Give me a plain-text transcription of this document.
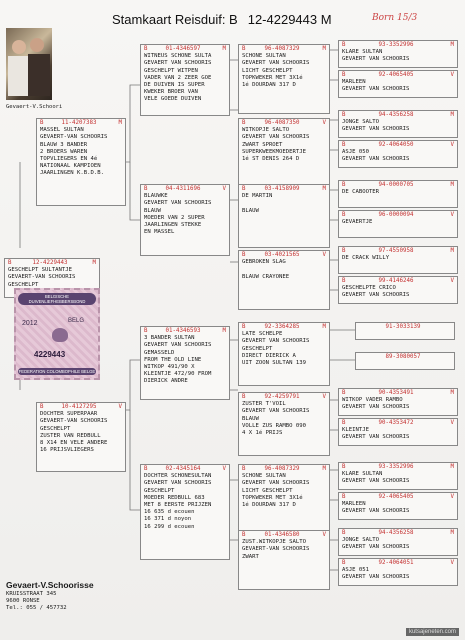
Stamkaart Reisduif: B 12-4229443 M	Born 15/3
Gevaert-V.Schoori
B	01-4346597	M
WITNEUS SCHONE SULTA
GEVAERT VAN SCHOORIS
GESCHELPT WITPEN
VADER VAN 2 ZEER GOE
DE DUIVEN IS SUPER
KWEKER BROER VAN
VELE GOEDE DUIVEN
B	96-4087329	M
SCHONE SULTAN
GEVAERT VAN SCHOORIS
LICHT GESCHELPT
TOPKWEKER MET 3X1é
1é DOURDAN 317 D
B	93-3352996	M
KLARE SULTAN
GEVAERT VAN SCHOORIS
B	92-4065405	V
MARLEEN
GEVAERT VAN SCHOORIS
B	96-4087350	V
WITKOPJE SALTO
GEVAERT VAN SCHOORIS
ZWART SPROET
SUPERKWEEKMOEDERTJE
1é ST DENIS 264 D
B	94-4356258	M
JONGE SALTO
GEVAERT VAN SCHOORIS
B	92-4064050	V
ASJE 050
GEVAERT VAN SCHOORIS
B	11-4207383	M
MASSEL SULTAN
GEVAERT-VAN SCHOORIS
BLAUW 3 BANDER
2 BROERS WAREN
TOPVLIEGERS EN 4é
NATIONAAL KAMPIOEN
JAARLINGEN K.B.D.B.
B	04-4311696	V
BLAUWKE
GEVAERT VAN SCHOORIS
BLAUW
MOEDER VAN 2 SUPER
JAARLINGEN STEKKE
EN MASSEL
B	03-4158909	M
DE MARTIN

BLAUW
B	94-0000705	M
DE CABOOTER
B	96-0000094	V
GEVAERTJE
B	03-4021565	V
GEBROKEN SLAG

BLAUW CRAYONEE
B	97-4550958	M
DE CRACK WILLY
B	99-4146246	V
GESCHELPTE CRICO
GEVAERT VAN SCHOORIS
B	12-4229443	M
GESCHELPT SULTANTJE
GEVAERT-VAN SCHOORIS
GESCHELPT
B	01-4346593	M
3 BANDER SULTAN
GEVAERT VAN SCHOORIS
GEMASSELD
FROM THE OLD LINE
WITKOP 491/90 X
KLEINTJE 472/90 FROM
DIERICK ANDRE
B	92-3364285	M
LATE SCHELPE
GEVAERT VAN SCHOORIS
GESCHELPT
DIRECT DIERICK A
UIT ZOON SULTAN 139
91-3033139
89-3080057
B	92-4259791	V
ZUSTER T'VOIL
GEVAERT VAN SCHOORIS
BLAUW
VOLLE ZUS RAMBO 090
4 X 1é PRIJS
B	90-4353491	M
WITKOP VADER RAMBO
GEVAERT VAN SCHOORIS
B	90-4353472	V
KLEINTJE
GEVAERT VAN SCHOORIS
B	10-4127295	V
DOCHTER SUPERPAAR
GEVAERT-VAN SCHOORIS
GESCHELPT
ZUSTER VAN REDBULL
8 X14 EN VELE ANDERE
16 PRIJSVLIEGERS
B	02-4345164	V
DOCHTER SCHONESULTAN
GEVAERT VAN SCHOORIS
GESCHELPT
MOEDER REDBULL 683
MET 8 EERSTE PRIJZEN
16 635 d ecouen
16 371 d noyon
16 299 d ecouen
B	96-4087329	M
SCHONE SULTAN
GEVAERT VAN SCHOORIS
LICHT GESCHELPT
TOPKWEKER MET 3X1é
1é DOURDAN 317 D
B	93-3352996	M
KLARE SULTAN
GEVAERT VAN SCHOORIS
B	92-4065405	V
MARLEEN
GEVAERT VAN SCHOORIS
B	01-4346580	V
ZUST.WITKOPJE SALTO
GEVAERT-VAN SCHOORIS
ZWART
B	94-4356258	M
JONGE SALTO
GEVAERT VAN SCHOORIS
B	92-4064051	V
ASJE 051
GEVAERT VAN SCHOORIS
BELGISCHE DUIVENLIEFHEBBERSBOND
2012	BELG
4229443
FEDERATION COLOMBOPHILE BELGE
Gevaert-V.Schoorisse
KRUISSTRAAT 345
9600 RONSE
Tel.: 055 / 457732
kutsajeneten.com
